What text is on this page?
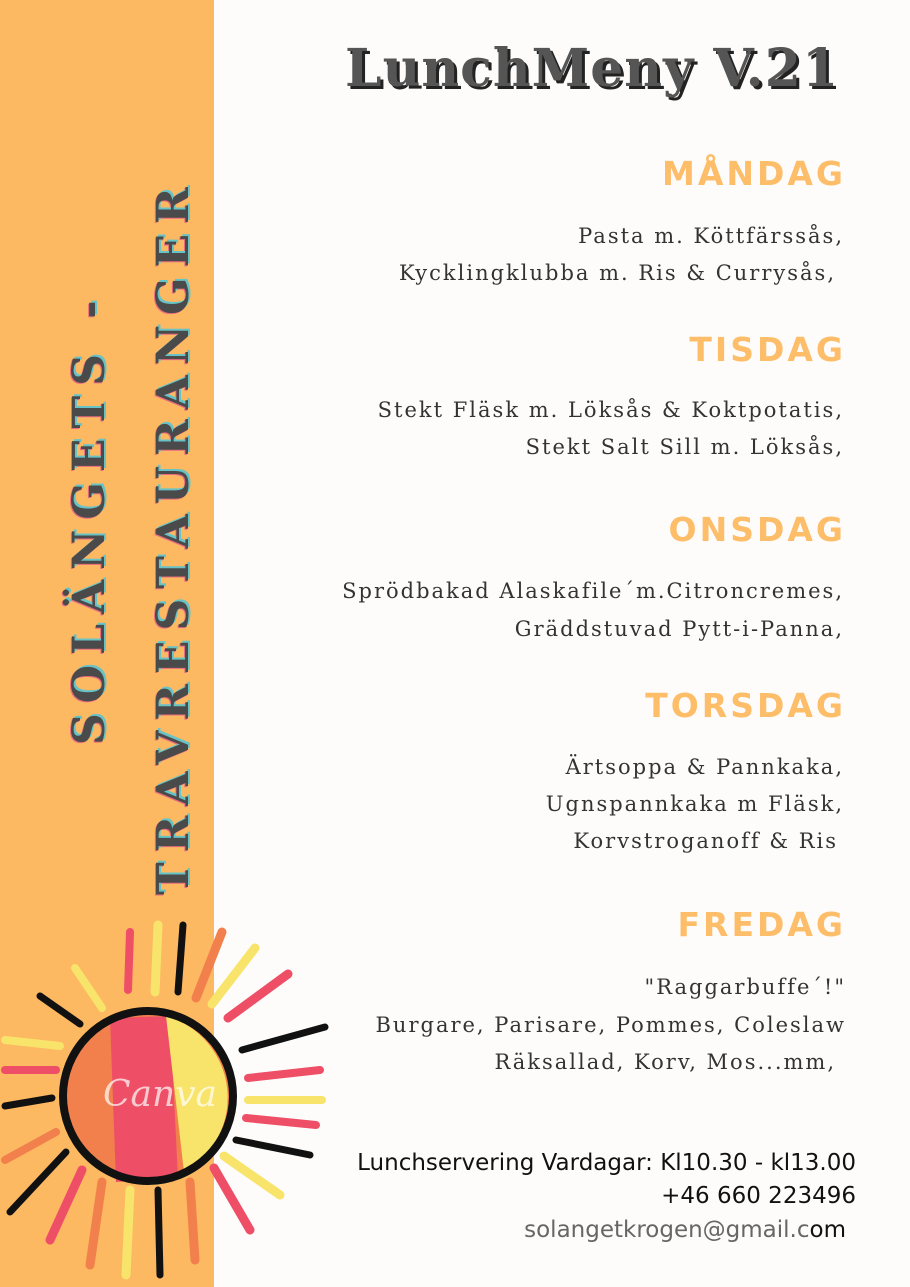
SOLÄNGETS - TRAVRESTAURANGER
Canva
LunchMeny V.21
MÅNDAG
Pasta m. Köttfärssås,
Kycklingklubba m. Ris & Currysås,
TISDAG
Stekt Fläsk m. Löksås & Koktpotatis,
Stekt Salt Sill m. Löksås,
ONSDAG
Sprödbakad Alaskafile´m.Citroncremes,
Gräddstuvad Pytt-i-Panna,
TORSDAG
Ärtsoppa & Pannkaka,
Ugnspannkaka m Fläsk,
Korvstroganoff & Ris
FREDAG
"Raggarbuffe´!"
Burgare, Parisare, Pommes, Coleslaw
Räksallad, Korv, Mos...mm,
Lunchservering Vardagar: Kl10.30 - kl13.00
+46 660 223496
solangetkrogen@gmail.com
